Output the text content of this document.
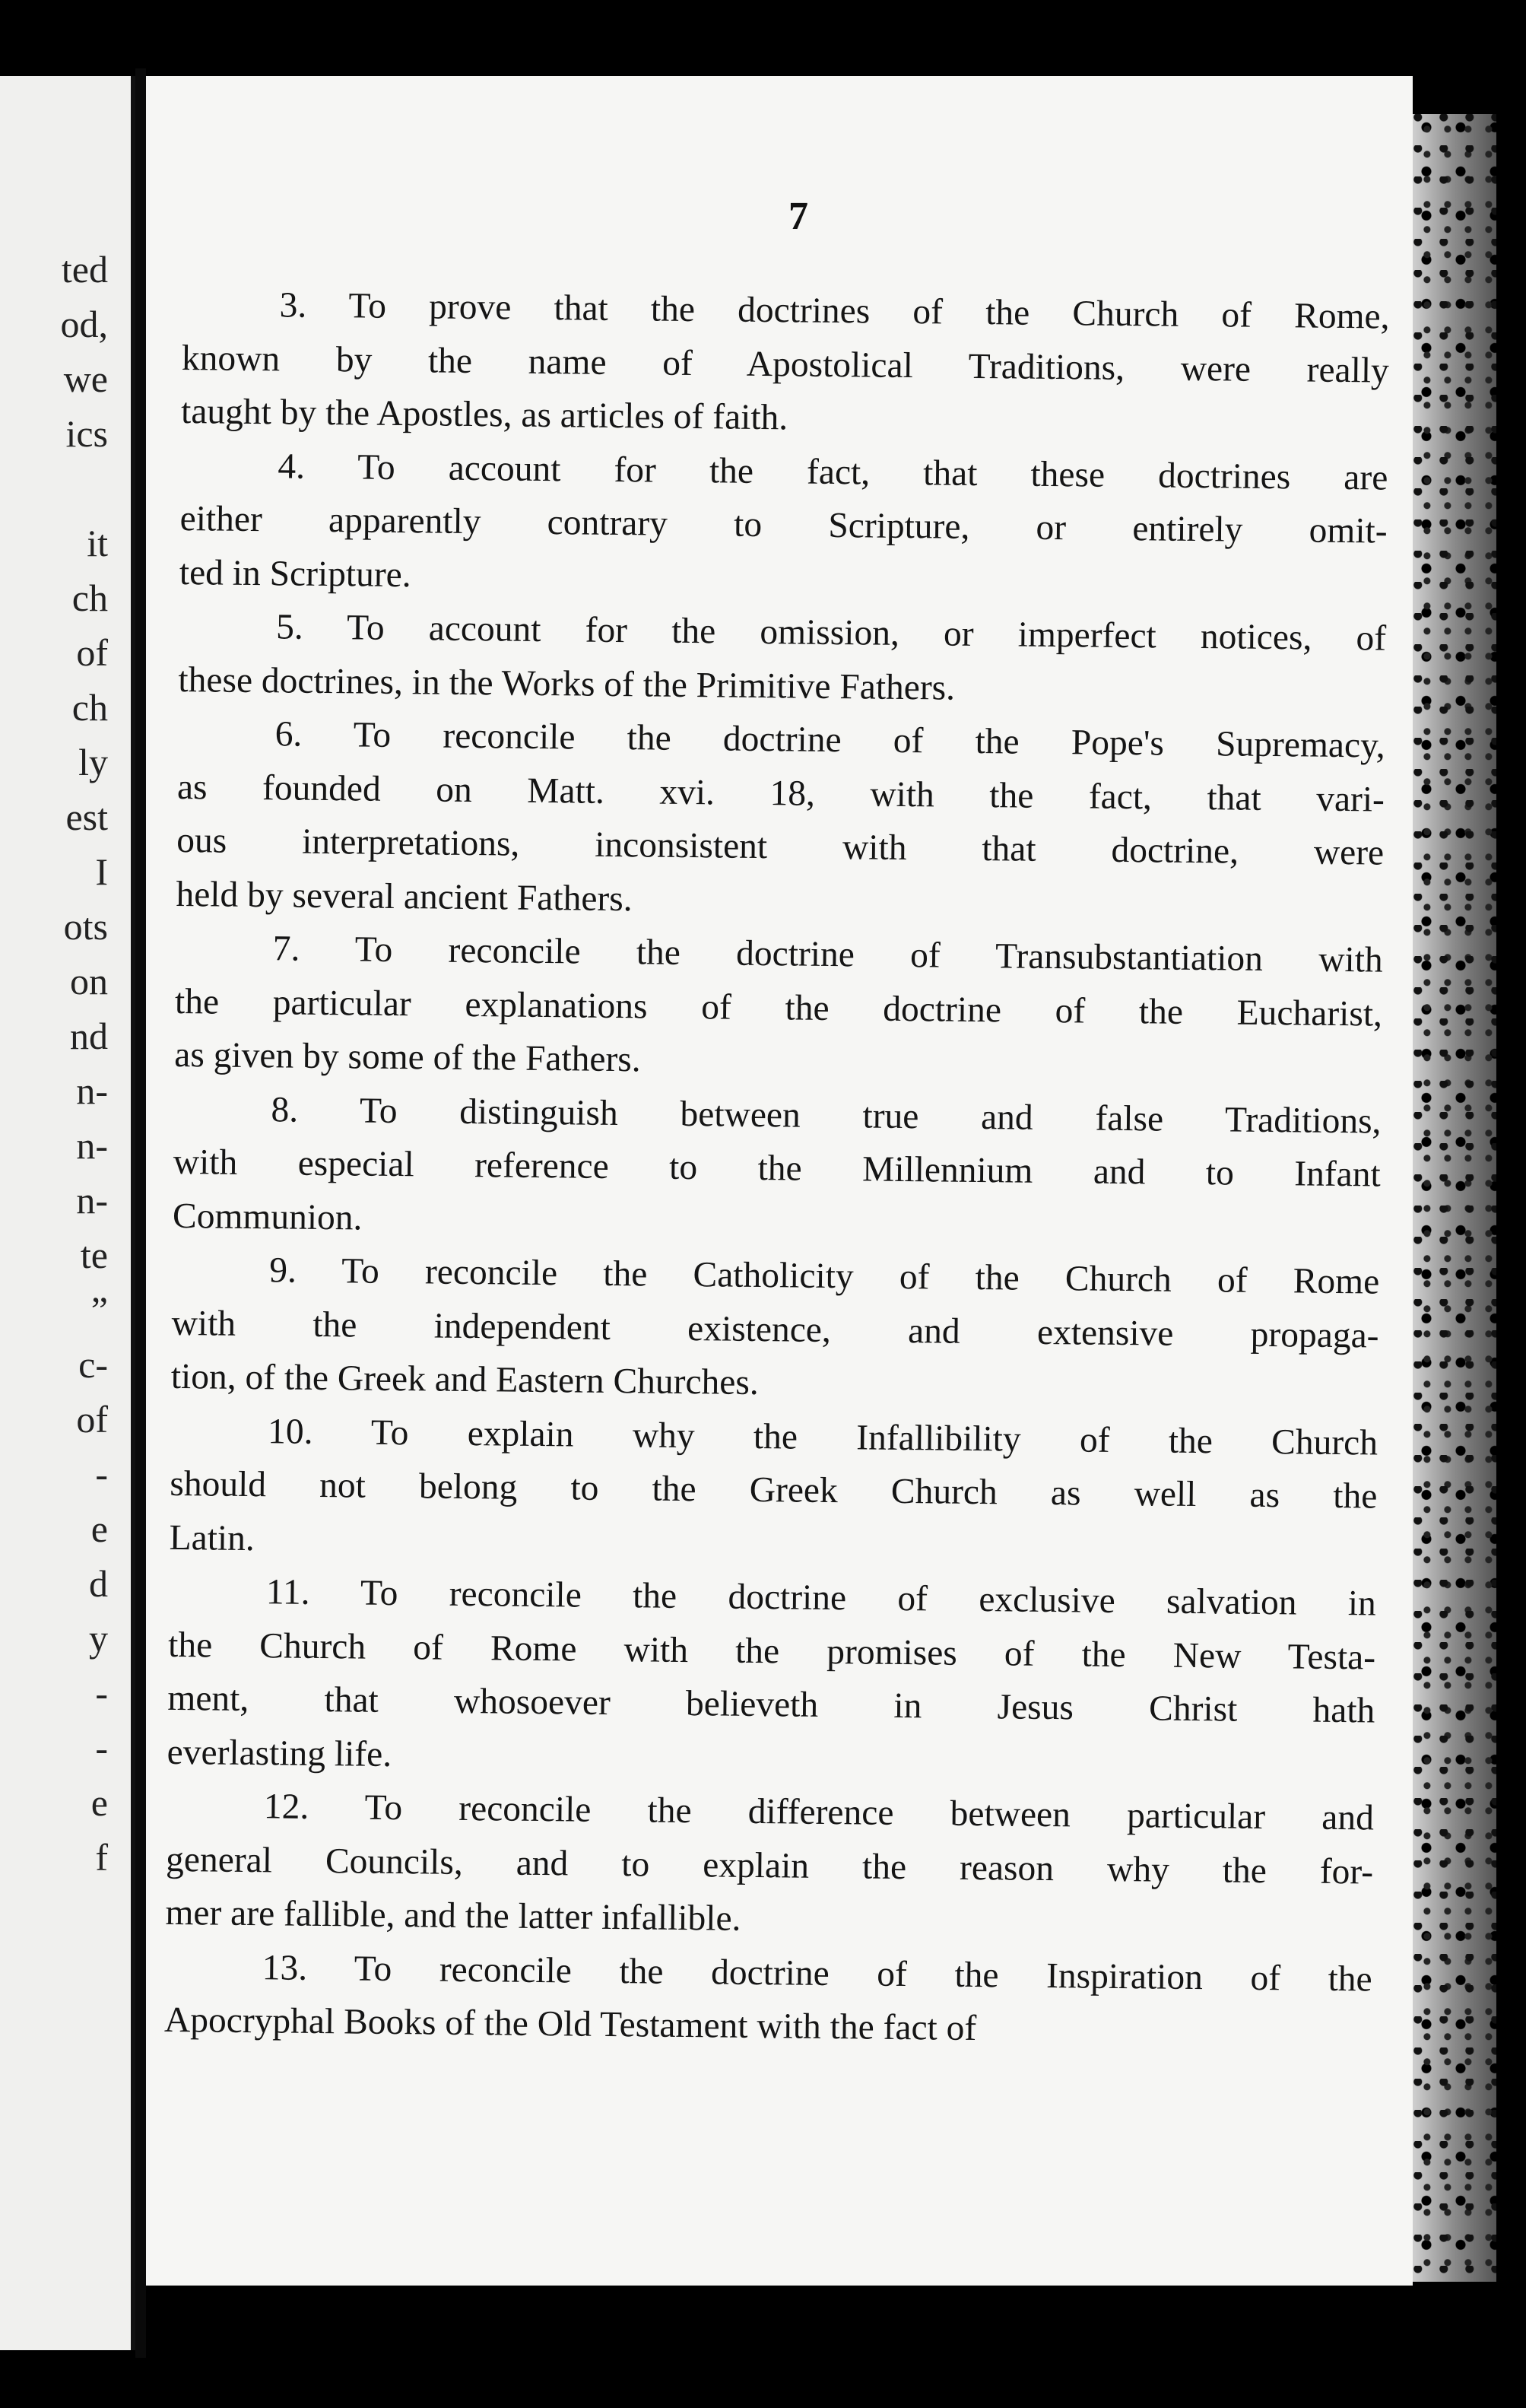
ted
od,
we
ics
it
ch
of
ch
ly
est
I
ots
on
nd
n-
n-
n-
te
”
c-
of
-
e
d
y
-
-
e
f
7
3. To prove that the doctrines of the Church of Rome,
known by the name of Apostolical Traditions, were really
taught by the Apostles, as articles of faith.
4. To account for the fact, that these doctrines are
either apparently contrary to Scripture, or entirely omit-
ted in Scripture.
5. To account for the omission, or imperfect notices, of
these doctrines, in the Works of the Primitive Fathers.
6. To reconcile the doctrine of the Pope's Supremacy,
as founded on Matt. xvi. 18, with the fact, that vari-
ous interpretations, inconsistent with that doctrine, were
held by several ancient Fathers.
7. To reconcile the doctrine of Transubstantiation with
the particular explanations of the doctrine of the Eucharist,
as given by some of the Fathers.
8. To distinguish between true and false Traditions,
with especial reference to the Millennium and to Infant
Communion.
9. To reconcile the Catholicity of the Church of Rome
with the independent existence, and extensive propaga-
tion, of the Greek and Eastern Churches.
10. To explain why the Infallibility of the Church
should not belong to the Greek Church as well as the
Latin.
11. To reconcile the doctrine of exclusive salvation in
the Church of Rome with the promises of the New Testa-
ment, that whosoever believeth in Jesus Christ hath
everlasting life.
12. To reconcile the difference between particular and
general Councils, and to explain the reason why the for-
mer are fallible, and the latter infallible.
13. To reconcile the doctrine of the Inspiration of the
Apocryphal Books of the Old Testament with the fact of
